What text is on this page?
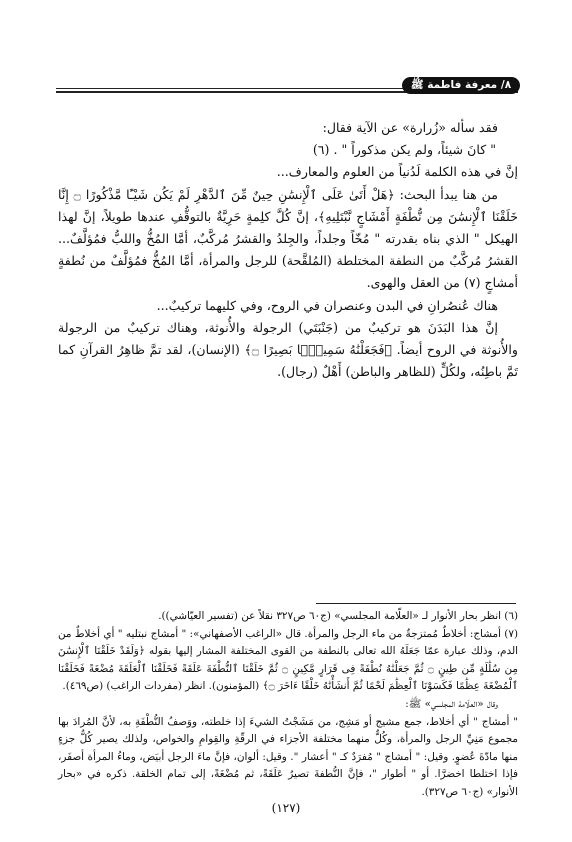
٨/ معرفة فاطمة ﷺ

فقد سأله «زُرارة» عن الآية فقال:

" كانَ شيئاً، ولم يكن مذكوراً " . (٦)

إنَّ في هذه الكلمة لَدُنياً من العلوم والمعارف...

من هنا يبدأ البحث: ﴿هَلْ أَتَىٰ عَلَى ٱلْإِنسَٰنِ حِينٌ مِّنَ ٱلدَّهْرِ لَمْ يَكُن شَيْـًٔا مَّذْكُورًا ۝ إِنَّا خَلَقْنَا ٱلْإِنسَٰنَ مِن نُّطْفَةٍ أَمْشَاجٍ نَّبْتَلِيهِ﴾، إنَّ كُلَّ كلِمةٍ حَرِيَّةٌ بالتوقُّفِ عندها طويلاً، إنَّ لهذا الهيكل " الذي بناه بقدرته " مُخّاً وجلداً، والجِلدُ والقشرُ مُركَّبٌ، أمَّا المُخُّ واللبُّ فمُؤلَّفٌ... القشرُ مُركَّبٌ من النطفة المختلطة (المُلقَّحة) للرجل والمرأة، أمَّا المُخُّ فمُؤلَّفٌ من نُطفةٍ أمشاجٍ (٧) من العقل والهوى.

هناك عُنصُرانِ في البدن وعنصران في الروح، وفي كليهما تركيبٌ...

إنَّ هذا البَدَنَ هو تركيبٌ من (جَنْبَتَي) الرجولة والأُنوثة، وهناك تركيبٌ من الرجولة والأُنوثة في الروح أيضاً. ﴿فَجَعَلْنَٰهُ سَمِيعًۢا بَصِيرًا ۝﴾ (الإنسان)، لقد تمَّ ظاهِرُ القرآنِ كما تَمَّ باطِنُه، ولكُلٍّ (للظاهر والباطن) أَهْلٌ (رجال).

(٦) انظر بحار الأنوار لـ «العلّامة المجلسي» (ج٦٠ ص٣٢٧ نقلاً عن (تفسير العيّاشي)).

(٧) أمشاج: أخلاطٌ مُمتزجةٌ من ماء الرجل والمرأة. قال «الراغب الأصفهاني»: " أمشاج نبتليه " أي أخلاطٌ من الدم، وذلك عبارة عمّا جَعَلَهُ الله تعالى بالنطفة من القوى المختلفة المشار إليها بقوله ﴿وَلَقَدْ خَلَقْنَا ٱلْإِنسَٰنَ مِن سُلَٰلَةٍ مِّن طِينٍ ۝ ثُمَّ جَعَلْنَٰهُ نُطْفَةً فِى قَرَارٍ مَّكِينٍ ۝ ثُمَّ خَلَقْنَا ٱلنُّطْفَةَ عَلَقَةً فَخَلَقْنَا ٱلْعَلَقَةَ مُضْغَةً فَخَلَقْنَا ٱلْمُضْغَةَ عِظَٰمًا فَكَسَوْنَا ٱلْعِظَٰمَ لَحْمًا ثُمَّ أَنشَأْنَٰهُ خَلْقًا ءَاخَرَ ۝﴾ (المؤمنون). انظر (مفردات الراغب) (ص٤٦٩).

وقال «العلّامة المجلسي» ﷺ:

" أمشاج " أي أخلاط، جمع مشيج أو مَشِج، من مَشَجْتُ الشيءَ إذا خلطته، ووَصفُ النُّطْفَةِ به، لأنَّ المُرادَ بها مجموع مَنِيِّ الرجل والمرأة، وكُلٌّ منهما مختلفة الأجزاء في الرقّةِ والقِوامِ والخواص، ولذلك يصير كُلُّ جزءٍ منها مادّةَ عُضوٍ. وقيل: " أمشاج " مُفرَدٌ كـ " أعشار ". وقيل: ألوان، فإنَّ ماءَ الرجل أبيَض، وماءُ المرأة أصفَر، فإذا اختلطا اخضرَّا. أو " أطوار "، فإنَّ النُّطفةَ تصيرُ عَلَقَةً، ثم مُضْغَةً، إلى تمام الخلقة. ذكره في «بحار الأنوار» (ج٦٠ ص٣٢٧).

(١٢٧)
